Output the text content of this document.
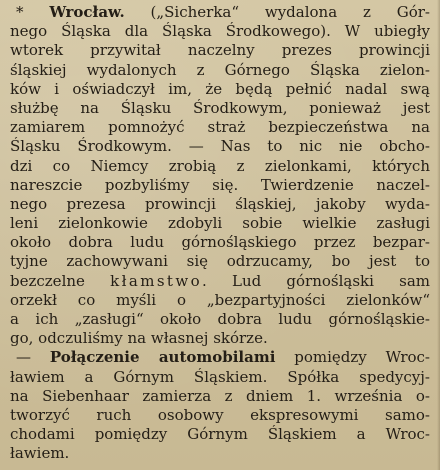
* Wrocław. („Sicherka“ wydalona z Gór-
nego Śląska dla Śląska Środkowego). W ubiegły
wtorek przywitał naczelny prezes prowincji
śląskiej wydalonych z Górnego Śląska zielon-
ków i oświadczył im, że będą pełnić nadal swą
służbę na Śląsku Środkowym, ponieważ jest
zamiarem pomnożyć straż bezpieczeństwa na
Śląsku Środkowym. — Nas to nic nie obcho-
dzi co Niemcy zrobią z zielonkami, których
nareszcie pozbyliśmy się. Twierdzenie naczel-
nego prezesa prowincji śląskiej, jakoby wyda-
leni zielonkowie zdobyli sobie wielkie zasługi
około dobra ludu górnośląskiego przez bezpar-
tyjne zachowywani się odrzucamy, bo jest to
bezczelne kłamstwo. Lud górnośląski sam
orzekł co myśli o „bezpartyjności zielonków“
a ich „zasługi“ około dobra ludu górnośląskie-
go, odczuliśmy na własnej skórze.
— Połączenie automobilami pomiędzy Wroc-
ławiem a Górnym Śląskiem. Spółka spedycyj-
na Siebenhaar zamierza z dniem 1. września o-
tworzyć ruch osobowy ekspresowymi samo-
chodami pomiędzy Górnym Śląskiem a Wroc-
ławiem.
